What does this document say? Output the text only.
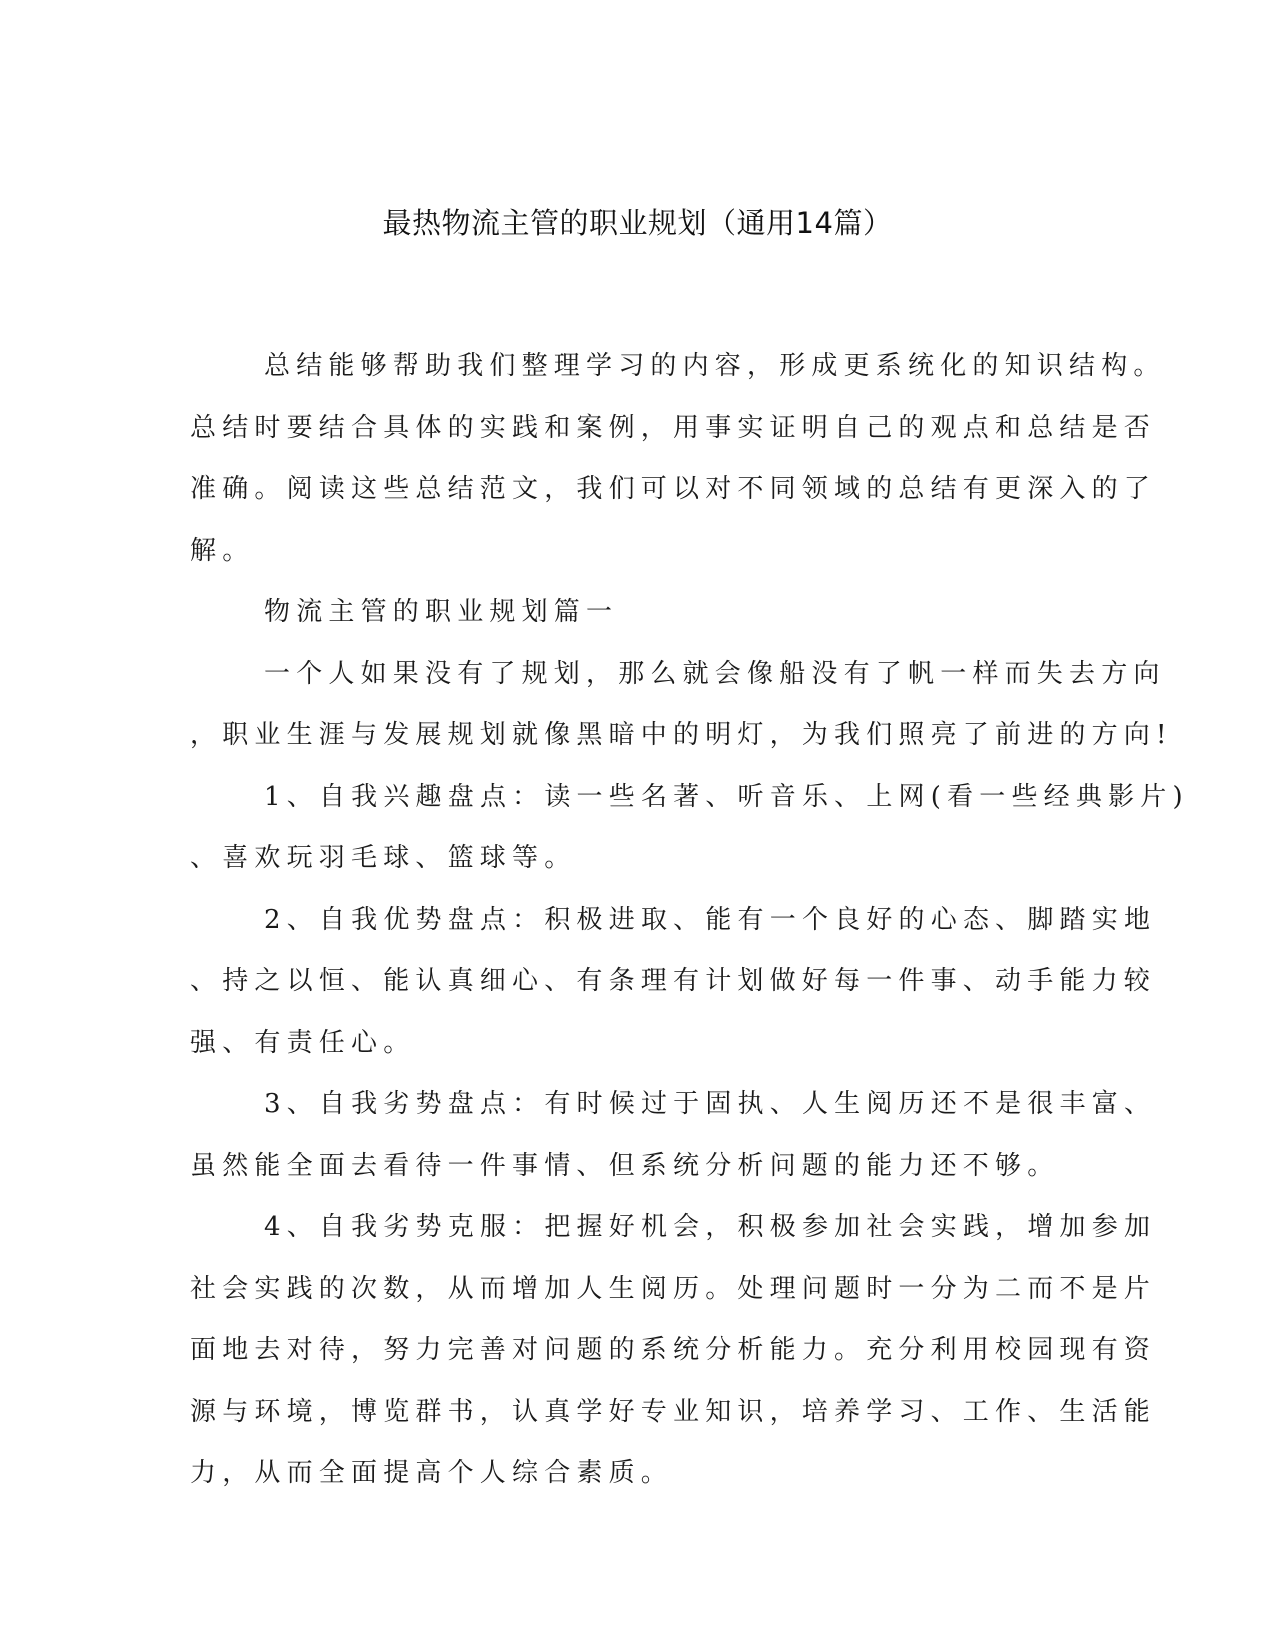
最热物流主管的职业规划（通用14篇）

总结能够帮助我们整理学习的内容，形成更系统化的知识结构。
总结时要结合具体的实践和案例，用事实证明自己的观点和总结是否
准确。阅读这些总结范文，我们可以对不同领域的总结有更深入的了
解。

物流主管的职业规划篇一

一个人如果没有了规划，那么就会像船没有了帆一样而失去方向
，职业生涯与发展规划就像黑暗中的明灯，为我们照亮了前进的方向!

1、自我兴趣盘点：读一些名著、听音乐、上网(看一些经典影片)
、喜欢玩羽毛球、篮球等。

2、自我优势盘点：积极进取、能有一个良好的心态、脚踏实地
、持之以恒、能认真细心、有条理有计划做好每一件事、动手能力较
强、有责任心。

3、自我劣势盘点：有时候过于固执、人生阅历还不是很丰富、
虽然能全面去看待一件事情、但系统分析问题的能力还不够。

4、自我劣势克服：把握好机会，积极参加社会实践，增加参加
社会实践的次数，从而增加人生阅历。处理问题时一分为二而不是片
面地去对待，努力完善对问题的系统分析能力。充分利用校园现有资
源与环境，博览群书，认真学好专业知识，培养学习、工作、生活能
力，从而全面提高个人综合素质。
